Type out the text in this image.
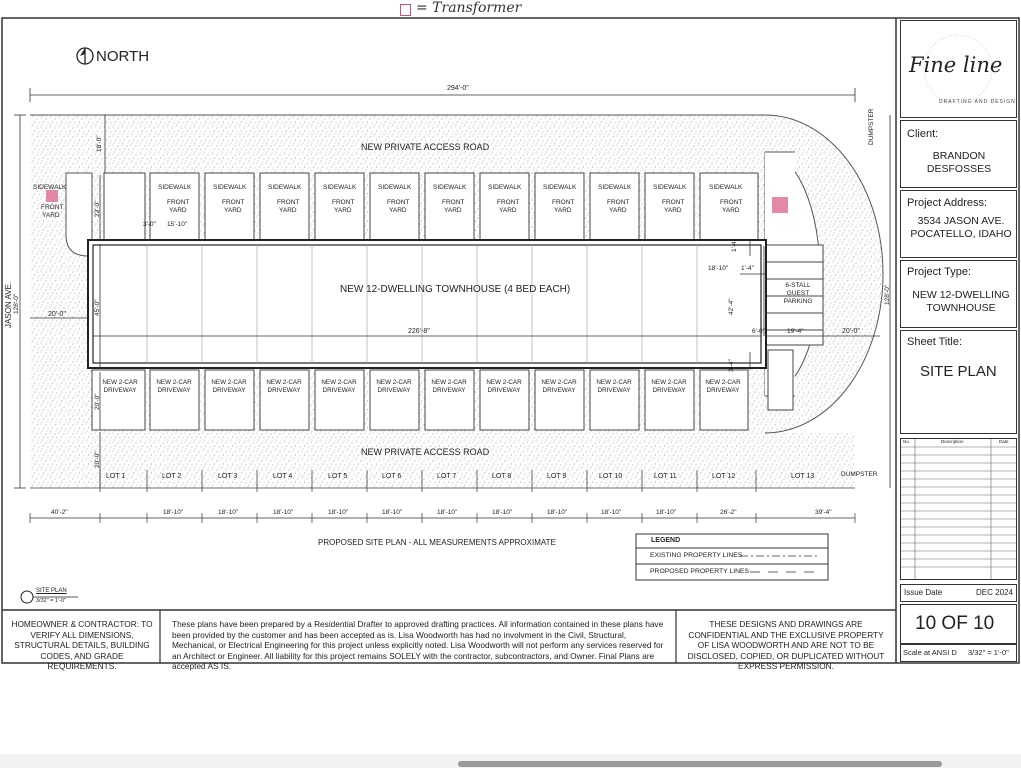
= Transformer
NORTH
294'-0"
NEW PRIVATE ACCESS ROAD
NEW PRIVATE ACCESS ROAD
NEW 12-DWELLING TOWNHOUSE (4 BED EACH)
226'-8"
20'-0"
20'-0"
15'-10"
3'-0"
18'-10" 1'-4"
6'-0"	19'-4"
6-STALL
GUEST
PARKING
DUMPSTER
DUMPSTER
JASON AVE. 128'-0"	128'-0"
18'-0"
23'-0"
45'-0"
20'-0"
20'-0"
1'-4"
42'-4"
3'-4"
SIDEWALK
FRONT
YARD
SIDEWALK	SIDEWALK	SIDEWALK	SIDEWALK	SIDEWALK	SIDEWALK	SIDEWALK	SIDEWALK	SIDEWALK	SIDEWALK	SIDEWALK
FRONT
YARD
FRONT
YARD
FRONT
YARD
FRONT
YARD
FRONT
YARD
FRONT
YARD
FRONT
YARD
FRONT
YARD
FRONT
YARD
FRONT
YARD
FRONT
YARD
NEW 2-CAR
DRIVEWAY
NEW 2-CAR
DRIVEWAY
NEW 2-CAR
DRIVEWAY
NEW 2-CAR
DRIVEWAY
NEW 2-CAR
DRIVEWAY
NEW 2-CAR
DRIVEWAY
NEW 2-CAR
DRIVEWAY
NEW 2-CAR
DRIVEWAY
NEW 2-CAR
DRIVEWAY
NEW 2-CAR
DRIVEWAY
NEW 2-CAR
DRIVEWAY
NEW 2-CAR
DRIVEWAY
LOT 1	LOT 2	LOT 3	LOT 4	LOT 5	LOT 6	LOT 7	LOT 8	LOT 9	LOT 10	LOT 11	LOT 12	LOT 13
40'-2"	18'-10"	18'-10"	18'-10"	18'-10"	18'-10"	18'-10"	18'-10"	18'-10"	18'-10"	18'-10"	26'-2"	39'-4"
PROPOSED SITE PLAN - ALL MEASUREMENTS APPROXIMATE	LEGEND
EXISTING PROPERTY LINES
PROPOSED PROPERTY LINES
SITE PLAN
3/32" = 1'-0"
HOMEOWNER & CONTRACTOR: TO VERIFY ALL DIMENSIONS, STRUCTURAL DETAILS, BUILDING CODES, AND GRADE REQUIREMENTS.
These plans have been prepared by a Residential Drafter to approved drafting practices. All information contained in these plans have been provided by the customer and has been accepted as is. Lisa Woodworth has had no involvment in the Civil, Structural, Mechanical, or Electrical Engineering for this project unless explicitly noted. Lisa Woodworth will not perform any services reserved for an Architect or Engineer. All liability for this project remains SOLELY with the contractor, subcontractors, and Owner. Final Plans are accepted AS IS.
THESE DESIGNS AND DRAWINGS ARE CONFIDENTIAL AND THE EXCLUSIVE PROPERTY OF LISA WOODWORTH AND ARE NOT TO BE DISCLOSED, COPIED, OR DUPLICATED WITHOUT EXPRESS PERMISSION.
Fine line
DRAFTING AND DESIGN
Client:
BRANDON DESFOSSES
Project Address:
3534 JASON AVE. POCATELLO, IDAHO
Project Type:
NEW 12-DWELLING TOWNHOUSE
Sheet Title:
SITE PLAN
No.	Description	Date
Issue Date	DEC 2024
10 OF 10
Scale at ANSI D 3/32" = 1'-0"
